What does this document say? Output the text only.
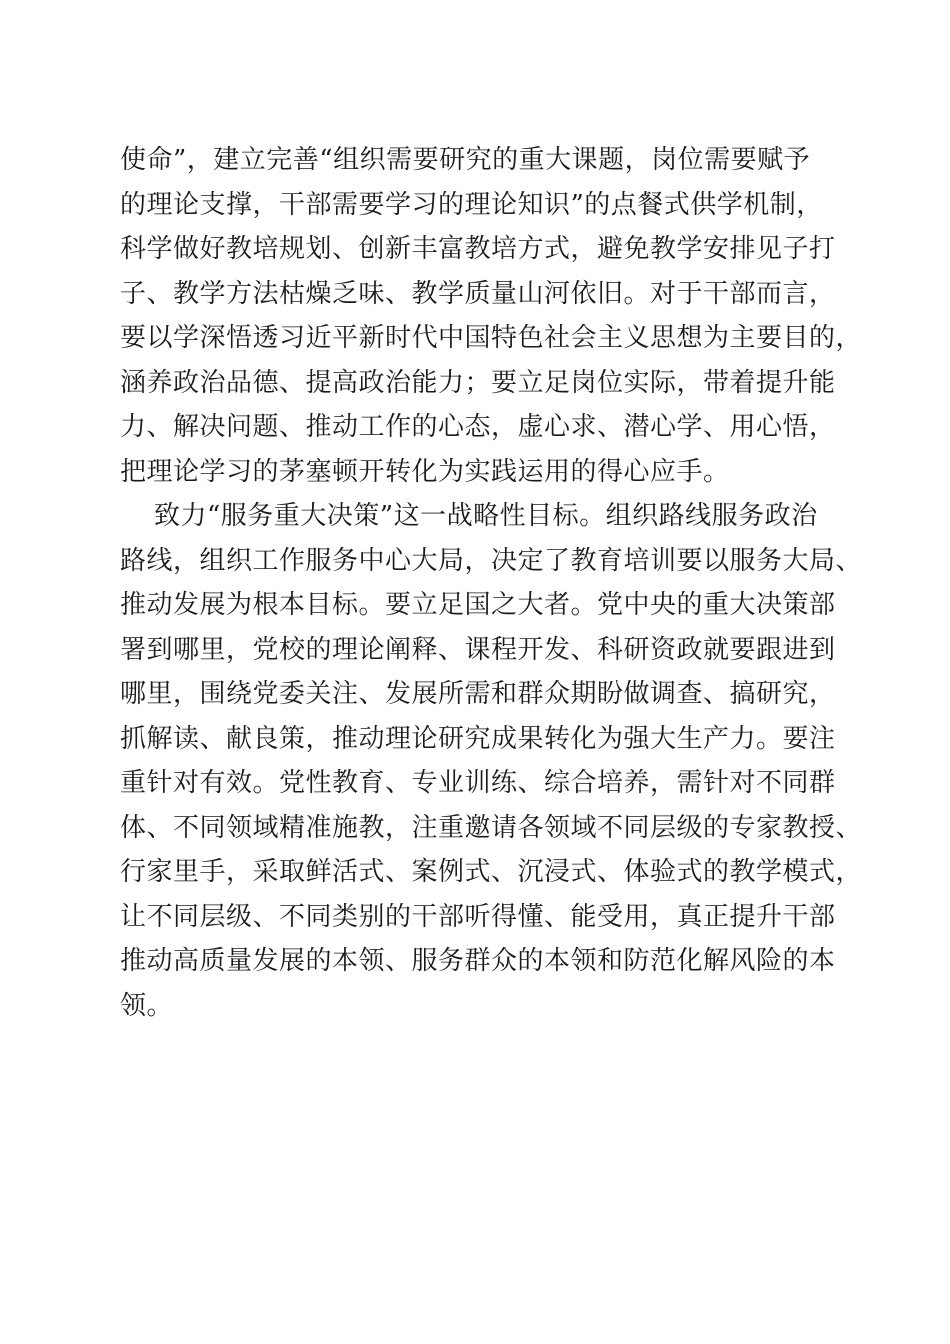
使命”，建立完善“组织需要研究的重大课题，岗位需要赋予
的理论支撑，干部需要学习的理论知识”的点餐式供学机制，
科学做好教培规划、创新丰富教培方式，避免教学安排见子打
子、教学方法枯燥乏味、教学质量山河依旧。对于干部而言，
要以学深悟透习近平新时代中国特色社会主义思想为主要目的，
涵养政治品德、提高政治能力；要立足岗位实际，带着提升能
力、解决问题、推动工作的心态，虚心求、潜心学、用心悟，
把理论学习的茅塞顿开转化为实践运用的得心应手。
致力“服务重大决策”这一战略性目标。组织路线服务政治
路线，组织工作服务中心大局，决定了教育培训要以服务大局、
推动发展为根本目标。要立足国之大者。党中央的重大决策部
署到哪里，党校的理论阐释、课程开发、科研资政就要跟进到
哪里，围绕党委关注、发展所需和群众期盼做调查、搞研究，
抓解读、献良策，推动理论研究成果转化为强大生产力。要注
重针对有效。党性教育、专业训练、综合培养，需针对不同群
体、不同领域精准施教，注重邀请各领域不同层级的专家教授、
行家里手，采取鲜活式、案例式、沉浸式、体验式的教学模式，
让不同层级、不同类别的干部听得懂、能受用，真正提升干部
推动高质量发展的本领、服务群众的本领和防范化解风险的本
领。
